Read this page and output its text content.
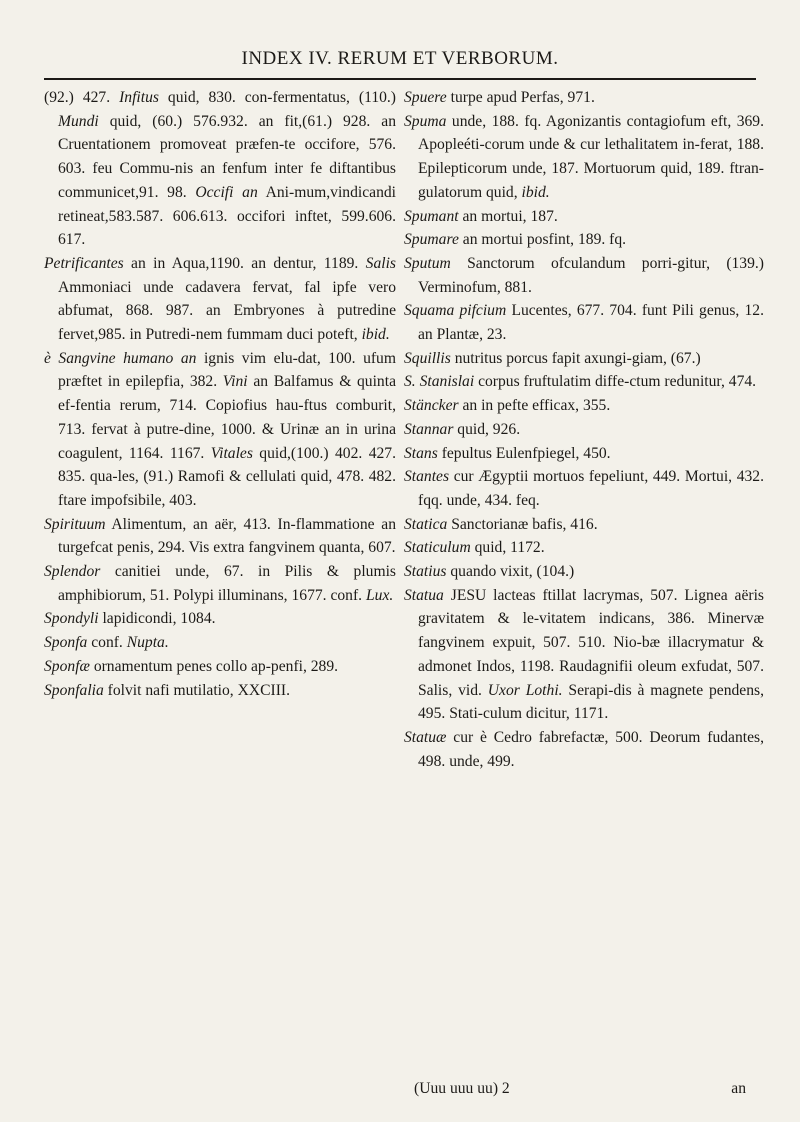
INDEX IV. RERUM ET VERBORUM.

(92.) 427. Infitus quid, 830. con-fermentatus, (110.) Mundi quid, (60.) 576.932. an fit,(61.) 928. an Cruentationem promoveat præfen-te occifore, 576. 603. feu Commu-nis an fenfum inter fe diftantibus communicet,91. 98. Occifi an Ani-mum,vindicandi retineat,583.587. 606.613. occifori inftet, 599.606. 617.

Petrificantes an in Aqua,1190. an dentur, 1189. Salis Ammoniaci unde cadavera fervat, fal ipfe vero abfumat, 868. 987. an Embryones à putredine fervet,985. in Putredi-nem fummam duci poteft, ibid.

è Sangvine humano an ignis vim elu-dat, 100. ufum præftet in epilepfia, 382. Vini an Balfamus & quinta ef-fentia rerum, 714. Copiofius hau-ftus comburit, 713. fervat à putre-dine, 1000. & Urinæ an in urina coagulent, 1164. 1167. Vitales quid,(100.) 402. 427. 835. qua-les, (91.) Ramofi & cellulati quid, 478. 482. ftare impofsibile, 403.

Spirituum Alimentum, an aër, 413. In-flammatione an turgefcat penis, 294. Vis extra fangvinem quanta, 607.

Splendor canitiei unde, 67. in Pilis & plumis amphibiorum, 51. Polypi illuminans, 1677. conf. Lux.

Spondyli lapidicondi, 1084.

Sponfa conf. Nupta.

Sponfæ ornamentum penes collo ap-penfi, 289.

Sponfalia folvit nafi mutilatio, XXCIII.

Spuere turpe apud Perfas, 971.

Spuma unde, 188. fq. Agonizantis contagiofum eft, 369. Apopleéti-corum unde & cur lethalitatem in-ferat, 188. Epilepticorum unde, 187. Mortuorum quid, 189. ftran-gulatorum quid, ibid.

Spumant an mortui, 187.

Spumare an mortui posfint, 189. fq.

Sputum Sanctorum ofculandum porri-gitur, (139.) Verminofum, 881.

Squama pifcium Lucentes, 677. 704. funt Pili genus, 12. an Plantæ, 23.

Squillis nutritus porcus fapit axungi-giam, (67.)

S. Stanislai corpus fruftulatim diffe-ctum redunitur, 474.

Stäncker an in pefte efficax, 355.

Stannar quid, 926.

Stans fepultus Eulenfpiegel, 450.

Stantes cur Ægyptii mortuos fepeliunt, 449. Mortui, 432. fqq. unde, 434. feq.

Statica Sanctorianæ bafis, 416.

Staticulum quid, 1172.

Statius quando vixit, (104.)

Statua JESU lacteas ftillat lacrymas, 507. Lignea aëris gravitatem & le-vitatem indicans, 386. Minervæ fangvinem expuit, 507. 510. Nio-bæ illacrymatur & admonet Indos, 1198. Raudagnifii oleum exfudat, 507. Salis, vid. Uxor Lothi. Serapi-dis à magnete pendens, 495. Stati-culum dicitur, 1171.

Statuæ cur è Cedro fabrefactæ, 500. Deorum fudantes, 498. unde, 499.

(Uuu uuu uu) 2	an
